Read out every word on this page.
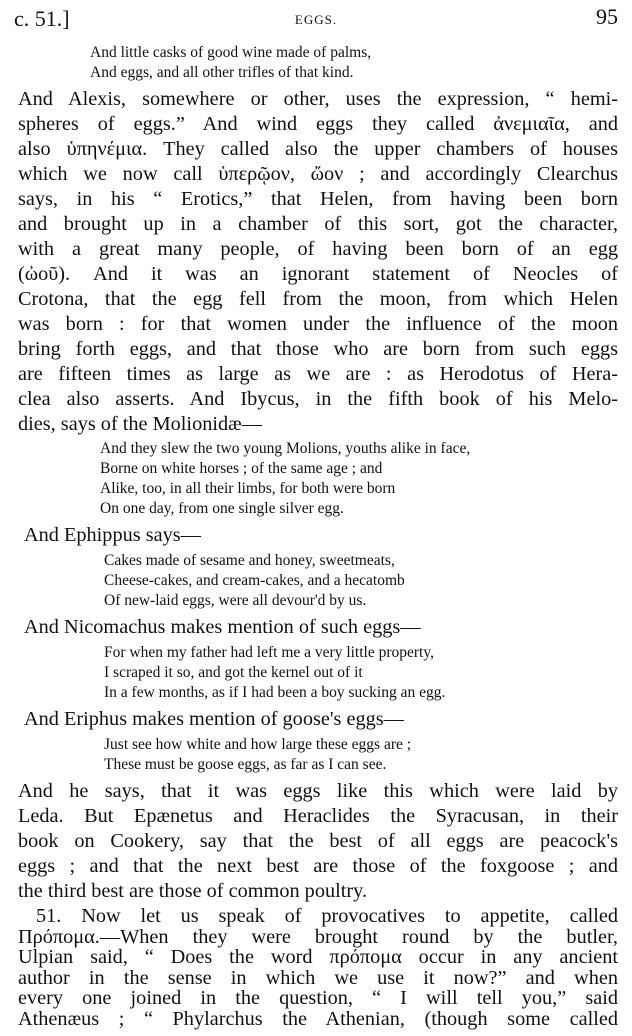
c. 51.]	EGGS.	95
And little casks of good wine made of palms,
And eggs, and all other trifles of that kind.
And Alexis, somewhere or other, uses the expression, “ hemi-
spheres of eggs.” And wind eggs they called ἀνεμιαῖα, and
also ὑπηνέμια. They called also the upper chambers of houses
which we now call ὑπερῷον, ὤον ; and accordingly Clearchus
says, in his “ Erotics,” that Helen, from having been born
and brought up in a chamber of this sort, got the character,
with a great many people, of having been born of an egg
(ὠοῦ). And it was an ignorant statement of Neocles of
Crotona, that the egg fell from the moon, from which Helen
was born : for that women under the influence of the moon
bring forth eggs, and that those who are born from such eggs
are fifteen times as large as we are : as Herodotus of Hera-
clea also asserts. And Ibycus, in the fifth book of his Melo-
dies, says of the Molionidæ—
And they slew the two young Molions, youths alike in face,
Borne on white horses ; of the same age ; and
Alike, too, in all their limbs, for both were born
On one day, from one single silver egg.
And Ephippus says—
Cakes made of sesame and honey, sweetmeats,
Cheese-cakes, and cream-cakes, and a hecatomb
Of new-laid eggs, were all devour'd by us.
And Nicomachus makes mention of such eggs—
For when my father had left me a very little property,
I scraped it so, and got the kernel out of it
In a few months, as if I had been a boy sucking an egg.
And Eriphus makes mention of goose's eggs—
Just see how white and how large these eggs are ;
These must be goose eggs, as far as I can see.
And he says, that it was eggs like this which were laid by
Leda. But Epænetus and Heraclides the Syracusan, in their
book on Cookery, say that the best of all eggs are peacock's
eggs ; and that the next best are those of the foxgoose ; and
the third best are those of common poultry.
51. Now let us speak of provocatives to appetite, called
Πρόπομα.—When they were brought round by the butler,
Ulpian said, “ Does the word πρόπομα occur in any ancient
author in the sense in which we use it now?” and when
every one joined in the question, “ I will tell you,” said
Athenæus ; “ Phylarchus the Athenian, (though some called
